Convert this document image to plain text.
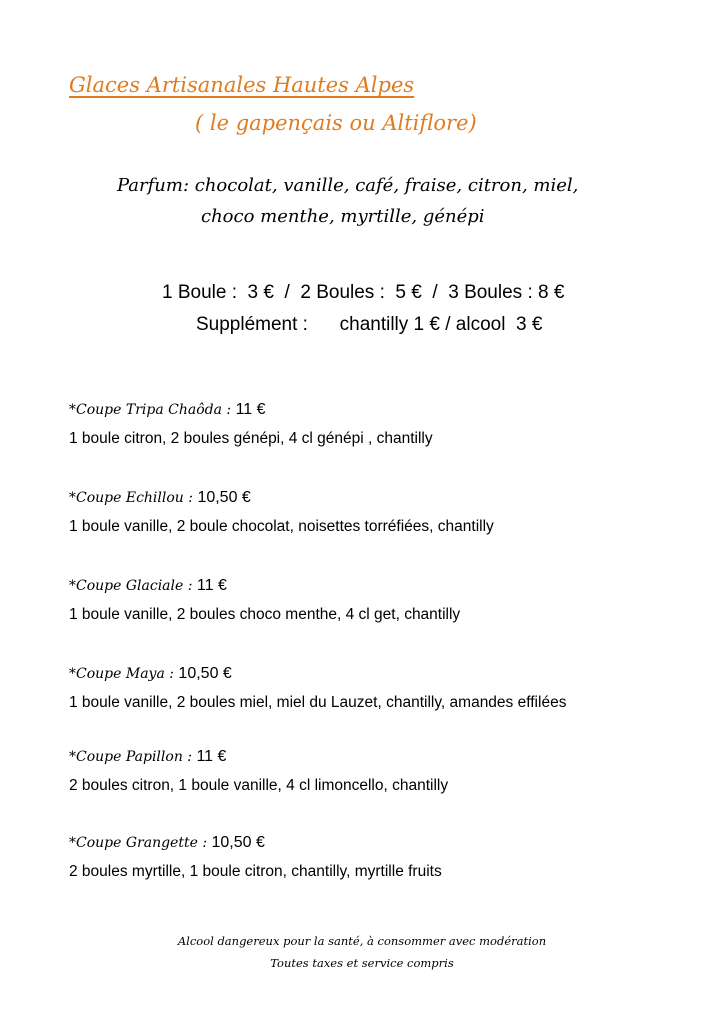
Glaces Artisanales Hautes Alpes
( le gapençais ou Altiflore)
Parfum: chocolat, vanille, café, fraise, citron, miel,
choco menthe, myrtille, génépi
1 Boule :  3 €  /  2 Boules :  5 €  /  3 Boules : 8 €
Supplément :      chantilly 1 € / alcool  3 €
*Coupe Tripa Chaôda : 11 €
1 boule citron, 2 boules génépi, 4 cl génépi , chantilly
*Coupe Echillou : 10,50 €
1 boule vanille, 2 boule chocolat, noisettes torréfiées, chantilly
*Coupe Glaciale : 11 €
1 boule vanille, 2 boules choco menthe, 4 cl get, chantilly
*Coupe Maya : 10,50 €
1 boule vanille, 2 boules miel, miel du Lauzet, chantilly, amandes effilées
*Coupe Papillon : 11 €
2 boules citron, 1 boule vanille, 4 cl limoncello, chantilly
*Coupe Grangette : 10,50 €
2 boules myrtille, 1 boule citron, chantilly, myrtille fruits
Alcool dangereux pour la santé, à consommer avec modération
Toutes taxes et service compris
